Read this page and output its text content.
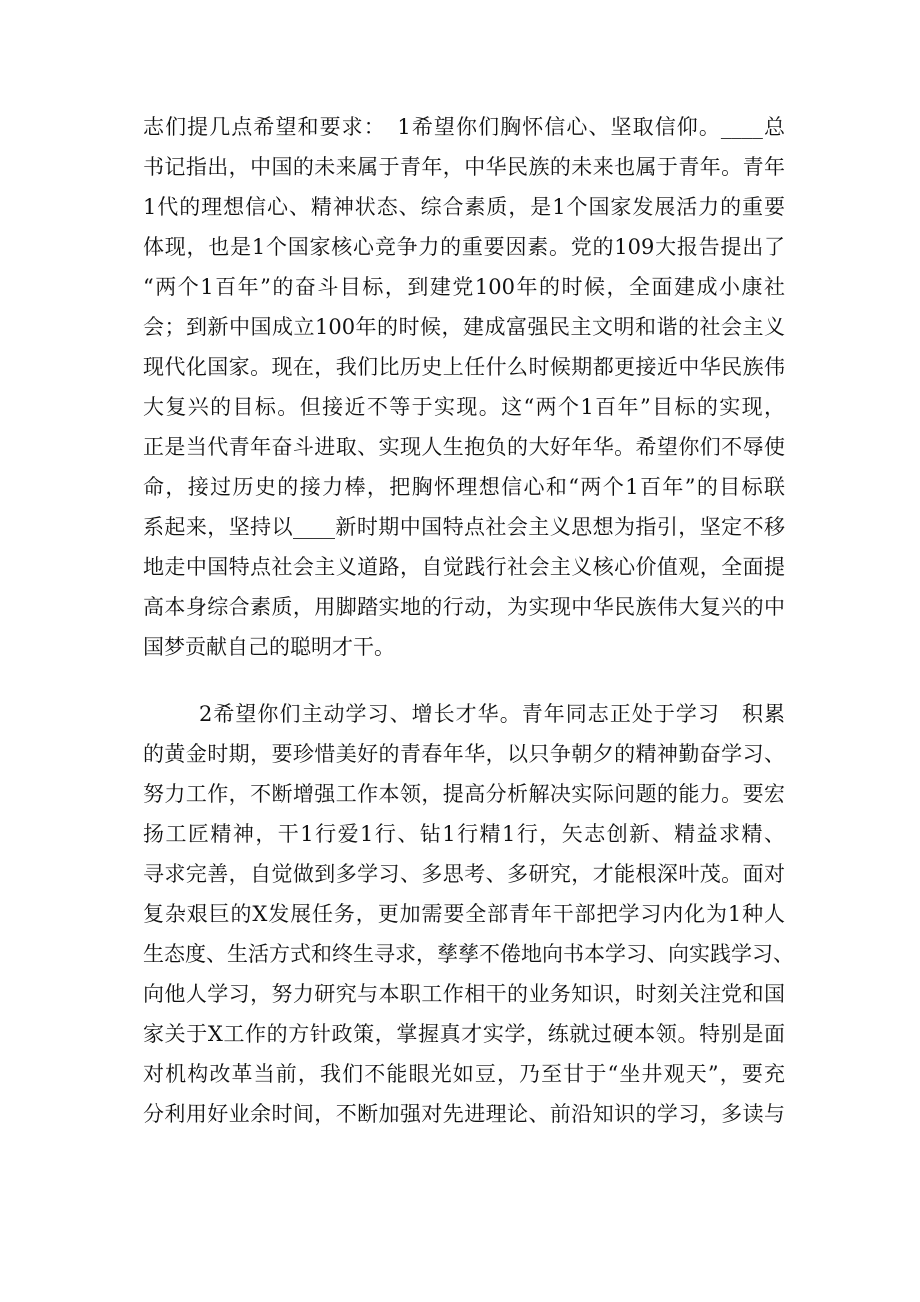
志们提几点希望和要求：　1希望你们胸怀信心、坚取信仰。____总
书记指出，中国的未来属于青年，中华民族的未来也属于青年。青年
1代的理想信心、精神状态、综合素质，是1个国家发展活力的重要
体现，也是1个国家核心竞争力的重要因素。党的109大报告提出了
“两个1百年”的奋斗目标，到建党100年的时候，全面建成小康社
会；到新中国成立100年的时候，建成富强民主文明和谐的社会主义
现代化国家。现在，我们比历史上任什么时候期都更接近中华民族伟
大复兴的目标。但接近不等于实现。这“两个1百年”目标的实现，
正是当代青年奋斗进取、实现人生抱负的大好年华。希望你们不辱使
命，接过历史的接力棒，把胸怀理想信心和“两个1百年”的目标联
系起来，坚持以____新时期中国特点社会主义思想为指引，坚定不移
地走中国特点社会主义道路，自觉践行社会主义核心价值观，全面提
高本身综合素质，用脚踏实地的行动，为实现中华民族伟大复兴的中
国梦贡献自己的聪明才干。
2希望你们主动学习、增长才华。青年同志正处于学习　积累
的黄金时期，要珍惜美好的青春年华，以只争朝夕的精神勤奋学习、
努力工作，不断增强工作本领，提高分析解决实际问题的能力。要宏
扬工匠精神，干1行爱1行、钻1行精1行，矢志创新、精益求精、
寻求完善，自觉做到多学习、多思考、多研究，才能根深叶茂。面对
复杂艰巨的X发展任务，更加需要全部青年干部把学习内化为1种人
生态度、生活方式和终生寻求，孳孳不倦地向书本学习、向实践学习、
向他人学习，努力研究与本职工作相干的业务知识，时刻关注党和国
家关于X工作的方针政策，掌握真才实学，练就过硬本领。特别是面
对机构改革当前，我们不能眼光如豆，乃至甘于“坐井观天”，要充
分利用好业余时间，不断加强对先进理论、前沿知识的学习，多读与
